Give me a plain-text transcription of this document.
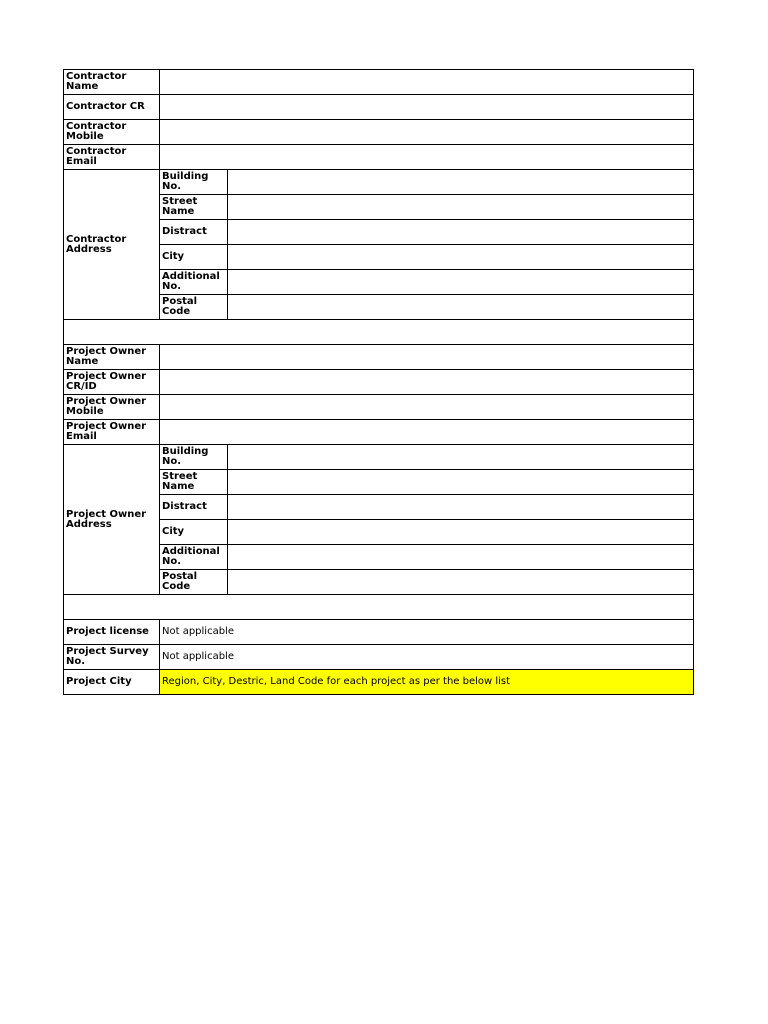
Contractor Name		
Contractor CR		
Contractor Mobile		
Contractor Email		
Contractor Address	Building No.	
	Street Name	
	Distract	
	City	
	Additional No.	
	Postal Code	

Project Owner Name		
Project Owner CR/ID		
Project Owner Mobile		
Project Owner Email		
Project Owner Address	Building No.	
	Street Name	
	Distract	
	City	
	Additional No.	
	Postal Code	

Project license	Not applicable	
Project Survey No.	Not applicable	
Project City	Region, City, Destric, Land Code for each project as per the below list	
